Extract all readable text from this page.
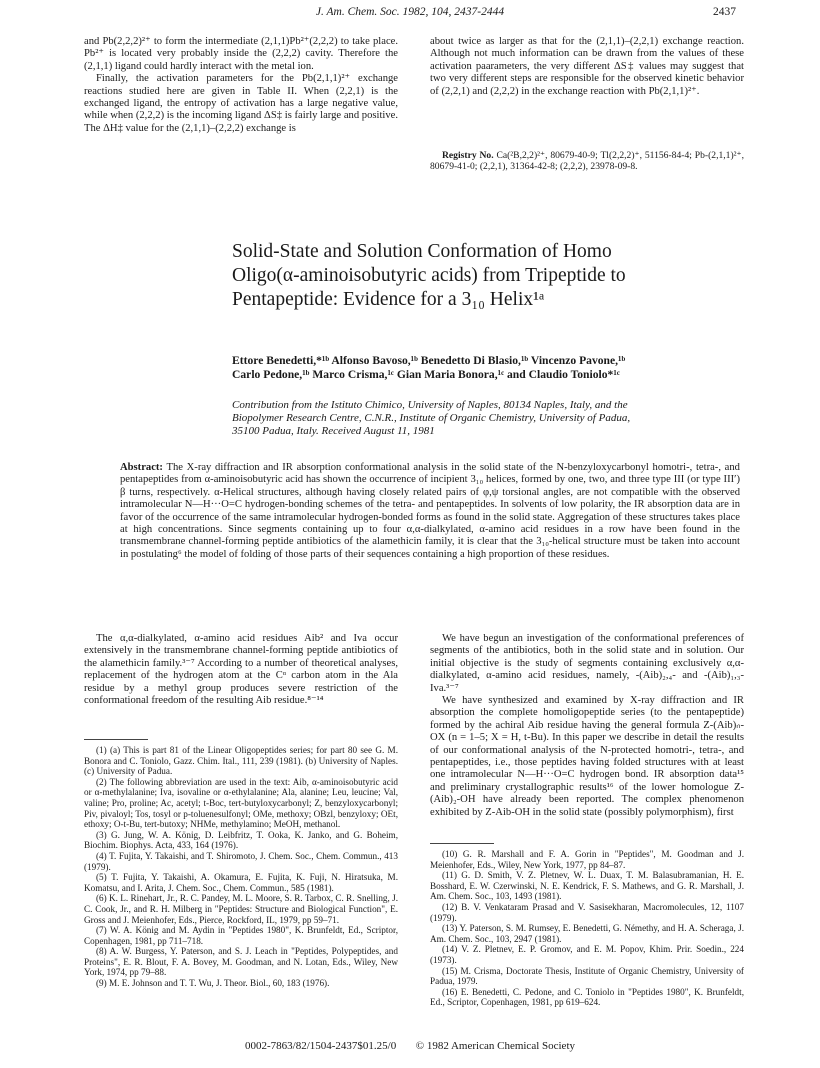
J. Am. Chem. Soc. 1982, 104, 2437-2444	2437

and Pb(2,2,2)²⁺ to form the intermediate (2,1,1)Pb²⁺(2,2,2) to take place. Pb²⁺ is located very probably inside the (2,2,2) cavity. Therefore the (2,1,1) ligand could hardly interact with the metal ion.

Finally, the activation parameters for the Pb(2,1,1)²⁺ exchange reactions studied here are given in Table II. When (2,2,1) is the exchanged ligand, the entropy of activation has a large negative value, while when (2,2,2) is the incoming ligand ΔS‡ is fairly large and positive. The ΔH‡ value for the (2,1,1)–(2,2,2) exchange is

about twice as larger as that for the (2,1,1)–(2,2,1) exchange reaction. Although not much information can be drawn from the values of these activation paarameters, the very different ΔS‡ values may suggest that two very different steps are responsible for the observed kinetic behavior of (2,2,1) and (2,2,2) in the exchange reaction with Pb(2,1,1)²⁺.

Registry No. Ca(²B,2,2)²⁺, 80679-40-9; Tl(2,2,2)⁺, 51156-84-4; Pb-(2,1,1)²⁺, 80679-41-0; (2,2,1), 31364-42-8; (2,2,2), 23978-09-8.
Solid-State and Solution Conformation of Homo
Oligo(α-aminoisobutyric acids) from Tripeptide to
Pentapeptide: Evidence for a 3₁₀ Helix¹ᵃ
Ettore Benedetti,*¹ᵇ Alfonso Bavoso,¹ᵇ Benedetto Di Blasio,¹ᵇ Vincenzo Pavone,¹ᵇ
Carlo Pedone,¹ᵇ Marco Crisma,¹ᶜ Gian Maria Bonora,¹ᶜ and Claudio Toniolo*¹ᶜ
Contribution from the Istituto Chimico, University of Naples, 80134 Naples, Italy, and the
Biopolymer Research Centre, C.N.R., Institute of Organic Chemistry, University of Padua,
35100 Padua, Italy. Received August 11, 1981
Abstract: The X-ray diffraction and IR absorption conformational analysis in the solid state of the N-benzyloxycarbonyl homotri-, tetra-, and pentapeptides from α-aminoisobutyric acid has shown the occurrence of incipient 3₁₀ helices, formed by one, two, and three type III (or type III′) β turns, respectively. α-Helical structures, although having closely related pairs of φ,ψ torsional angles, are not compatible with the observed intramolecular N—H···O=C hydrogen-bonding schemes of the tetra- and pentapeptides. In solvents of low polarity, the IR absorption data are in favor of the occurrence of the same intramolecular hydrogen-bonded forms as found in the solid state. Aggregation of these structures takes place at high concentrations. Since segments containing up to four α,α-dialkylated, α-amino acid residues in a row have been found in the transmembrane channel-forming peptide antibiotics of the alamethicin family, it is clear that the 3₁₀-helical structure must be taken into account in postulating⁶ the model of folding of those parts of their sequences containing a high proportion of these residues.

The α,α-dialkylated, α-amino acid residues Aib² and Iva occur extensively in the transmembrane channel-forming peptide antibiotics of the alamethicin family.³⁻⁷ According to a number of theoretical analyses, replacement of the hydrogen atom at the Cᵅ carbon atom in the Ala residue by a methyl group produces severe restriction of the conformational freedom of the resulting Aib residue.⁸⁻¹⁴

We have begun an investigation of the conformational preferences of segments of the antibiotics, both in the solid state and in solution. Our initial objective is the study of segments containing exclusively α,α-dialkylated, α-amino acid residues, namely, -(Aib)₂,₄- and -(Aib)₁,₃-Iva.³⁻⁷

We have synthesized and examined by X-ray diffraction and IR absorption the complete homoligopeptide series (to the pentapeptide) formed by the achiral Aib residue having the general formula Z-(Aib)ₙ-OX (n = 1–5; X = H, t-Bu). In this paper we describe in detail the results of our conformational analysis of the N-protected homotri-, tetra-, and pentapeptides, i.e., those peptides having folded structures with at least one intramolecular N—H···O=C hydrogen bond. IR absorption data¹⁵ and preliminary crystallographic results¹⁶ of the lower homologue Z-(Aib)₂-OH have already been reported. The complex phenomenon exhibited by Z-Aib-OH in the solid state (possibly polymorphism), first

(1) (a) This is part 81 of the Linear Oligopeptides series; for part 80 see G. M. Bonora and C. Toniolo, Gazz. Chim. Ital., 111, 239 (1981). (b) University of Naples. (c) University of Padua.
(2) The following abbreviation are used in the text: Aib, α-aminoisobutyric acid or α-methylalanine; Iva, isovaline or α-ethylalanine; Ala, alanine; Leu, leucine; Val, valine; Pro, proline; Ac, acetyl; t-Boc, tert-butyloxycarbonyl; Z, benzyloxycarbonyl; Piv, pivaloyl; Tos, tosyl or p-toluenesulfonyl; OMe, methoxy; OBzl, benzyloxy; OEt, ethoxy; O-t-Bu, tert-butoxy; NHMe, methylamino; MeOH, methanol.
(3) G. Jung, W. A. König, D. Leibfritz, T. Ooka, K. Janko, and G. Boheim, Biochim. Biophys. Acta, 433, 164 (1976).
(4) T. Fujita, Y. Takaishi, and T. Shiromoto, J. Chem. Soc., Chem. Commun., 413 (1979).
(5) T. Fujita, Y. Takaishi, A. Okamura, E. Fujita, K. Fuji, N. Hiratsuka, M. Komatsu, and I. Arita, J. Chem. Soc., Chem. Commun., 585 (1981).
(6) K. L. Rinehart, Jr., R. C. Pandey, M. L. Moore, S. R. Tarbox, C. R. Snelling, J. C. Cook, Jr., and R. H. Milberg in "Peptides: Structure and Biological Function", E. Gross and J. Meienhofer, Eds., Pierce, Rockford, IL, 1979, pp 59–71.
(7) W. A. König and M. Aydin in "Peptides 1980", K. Brunfeldt, Ed., Scriptor, Copenhagen, 1981, pp 711–718.
(8) A. W. Burgess, Y. Paterson, and S. J. Leach in "Peptides, Polypeptides, and Proteins", E. R. Blout, F. A. Bovey, M. Goodman, and N. Lotan, Eds., Wiley, New York, 1974, pp 79–88.
(9) M. E. Johnson and T. T. Wu, J. Theor. Biol., 60, 183 (1976).
(10) G. R. Marshall and F. A. Gorin in "Peptides", M. Goodman and J. Meienhofer, Eds., Wiley, New York, 1977, pp 84–87.
(11) G. D. Smith, V. Z. Pletnev, W. L. Duax, T. M. Balasubramanian, H. E. Bosshard, E. W. Czerwinski, N. E. Kendrick, F. S. Mathews, and G. R. Marshall, J. Am. Chem. Soc., 103, 1493 (1981).
(12) B. V. Venkataram Prasad and V. Sasisekharan, Macromolecules, 12, 1107 (1979).
(13) Y. Paterson, S. M. Rumsey, E. Benedetti, G. Némethy, and H. A. Scheraga, J. Am. Chem. Soc., 103, 2947 (1981).
(14) V. Z. Pletnev, E. P. Gromov, and E. M. Popov, Khim. Prir. Soedin., 224 (1973).
(15) M. Crisma, Doctorate Thesis, Institute of Organic Chemistry, University of Padua, 1979.
(16) E. Benedetti, C. Pedone, and C. Toniolo in "Peptides 1980", K. Brunfeldt, Ed., Scriptor, Copenhagen, 1981, pp 619–624.
0002-7863/82/1504-2437$01.25/0 © 1982 American Chemical Society
